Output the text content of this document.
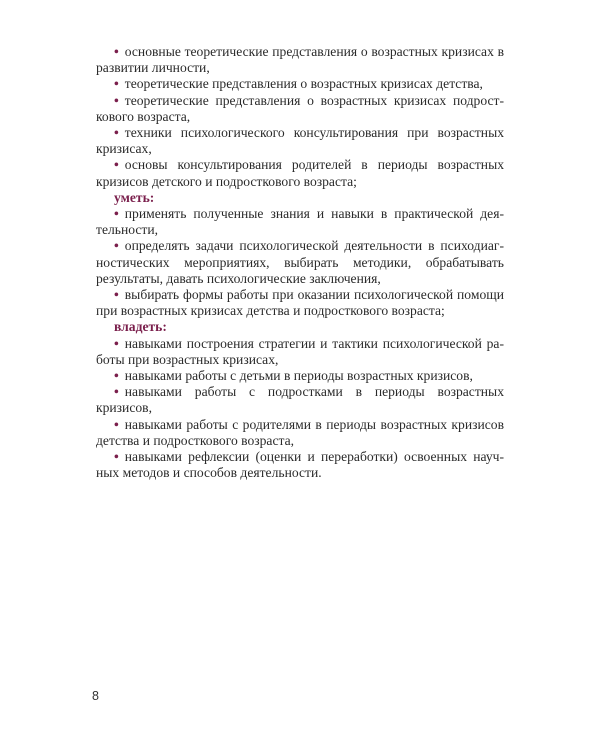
• основные теоретические представления о возрастных кризисах в развитии личности,

• теоретические представления о возрастных кризисах детства,

• теоретические представления о возрастных кризисах подросткового возраста,

• техники психологического консультирования при возрастных кризисах,

• основы консультирования родителей в периоды возрастных кризисов детского и подросткового возраста;

уметь:

• применять полученные знания и навыки в практической деятельности,

• определять задачи психологической деятельности в психодиагностических мероприятиях, выбирать методики, обрабатывать результаты, давать психологические заключения,

• выбирать формы работы при оказании психологической помощи при возрастных кризисах детства и подросткового возраста;

владеть:

• навыками построения стратегии и тактики психологической работы при возрастных кризисах,

• навыками работы с детьми в периоды возрастных кризисов,

• навыками работы с подростками в периоды возрастных кризисов,

• навыками работы с родителями в периоды возрастных кризисов детства и подросткового возраста,

• навыками рефлексии (оценки и переработки) освоенных научных методов и способов деятельности.

8
